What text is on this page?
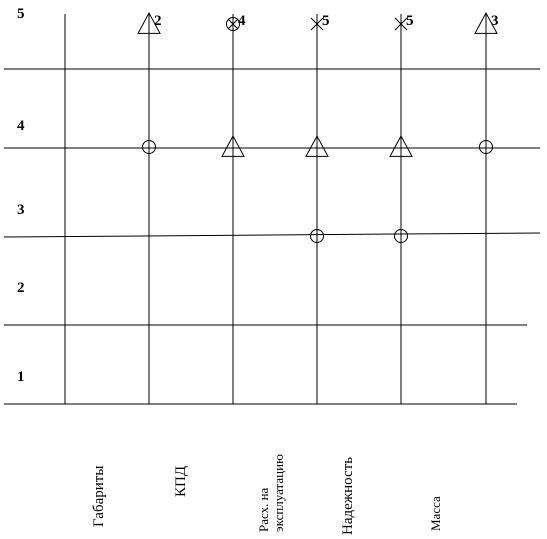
1
2
3
4
5	2	4	5	5	3
Габариты	КПД
Расх. наэксплуатацию	Надежность	Масса
